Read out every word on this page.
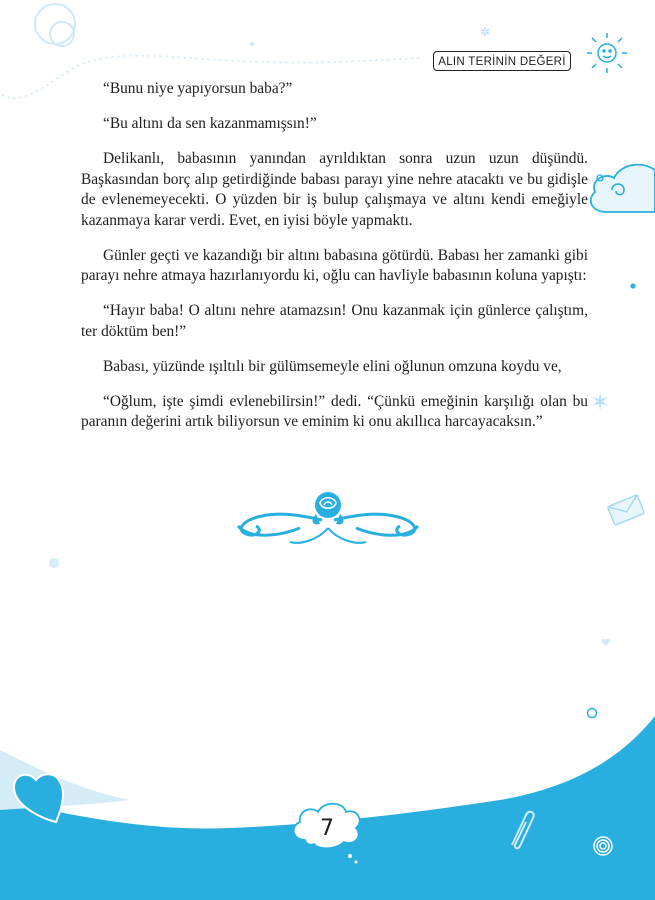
✲
✶
ALIN TERİNİN DEĞERİ

“Bunu niye yapıyorsun baba?”

“Bu altını da sen kazanmamışsın!”

Delikanlı, babasının yanından ayrıldıktan sonra uzun uzun düşündü. Başkasından borç alıp getirdiğinde babası parayı yine nehre atacaktı ve bu gidişle de evlenemeyecekti. O yüzden bir iş bulup çalışmaya ve altını kendi emeğiyle kazanmaya karar verdi. Evet, en iyisi böyle yapmaktı.

Günler geçti ve kazandığı bir altını babasına götürdü. Babası her zamanki gibi parayı nehre atmaya hazırlanıyordu ki, oğlu can havliyle babasının koluna yapıştı:

“Hayır baba! O altını nehre atamazsın! Onu kazanmak için günlerce çalıştım, ter döktüm ben!”

Babası, yüzünde ışıltılı bir gülümsemeyle elini oğlunun omzuna koydu ve,

“Oğlum, işte şimdi evlenebilirsin!” dedi. “Çünkü emeğinin karşılığı olan bu paranın değerini artık biliyorsun ve eminim ki onu akıllıca harcayacaksın.”

7
